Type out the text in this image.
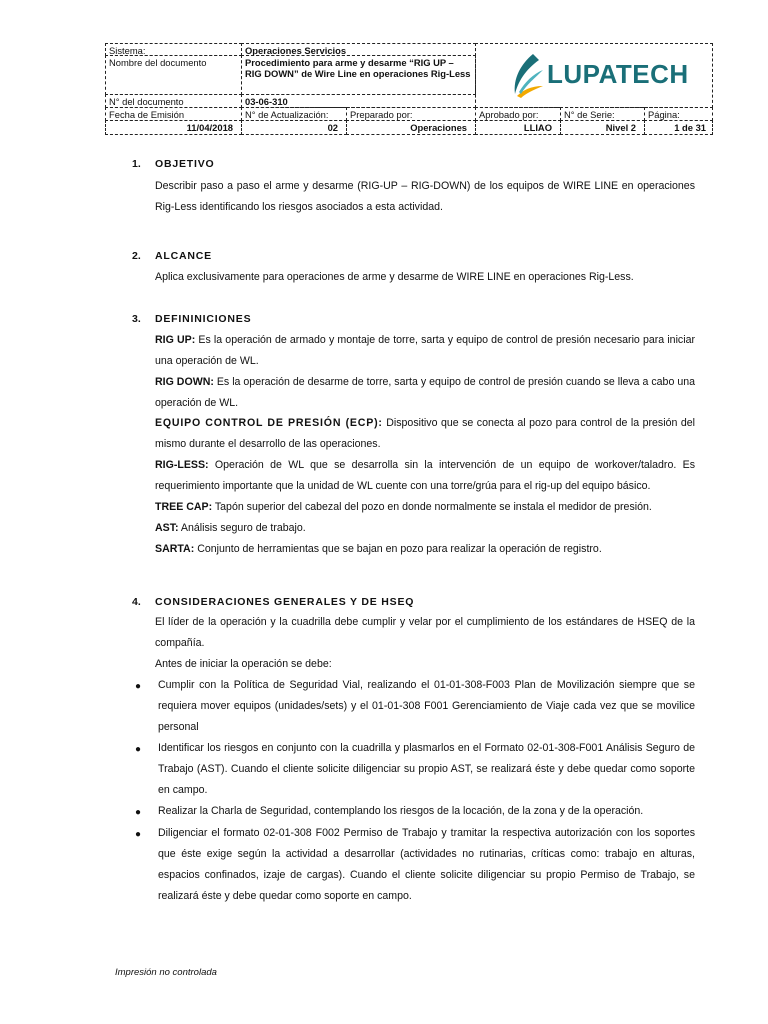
Sistema:	Operaciones Servicios
Nombre del documento	Procedimiento para arme y desarme “RIG UP – RIG DOWN” de Wire Line en operaciones Rig-Less
N° del documento	03-06-310
LUPATECH
Fecha de Emisión	N° de Actualización:	Preparado por:	Aprobado por:	N° de Serie:	Página:
11/04/2018	02	Operaciones	LLIAO	Nivel 2	1 de 31
1. OBJETIVO
Describir paso a paso el arme y desarme (RIG-UP – RIG-DOWN) de los equipos de WIRE LINE en operaciones Rig-Less identificando los riesgos asociados a esta actividad.
2. ALCANCE
Aplica exclusivamente para operaciones de arme y desarme de WIRE LINE en operaciones Rig-Less.
3. DEFININICIONES
RIG UP: Es la operación de armado y montaje de torre, sarta y equipo de control de presión necesario para iniciar una operación de WL.
RIG DOWN: Es la operación de desarme de torre, sarta y equipo de control de presión cuando se lleva a cabo una operación de WL.
EQUIPO CONTROL DE PRESIÓN (ECP): Dispositivo que se conecta al pozo para control de la presión del mismo durante el desarrollo de las operaciones.
RIG-LESS: Operación de WL que se desarrolla sin la intervención de un equipo de workover/taladro. Es requerimiento importante que la unidad de WL cuente con una torre/grúa para el rig-up del equipo básico.
TREE CAP: Tapón superior del cabezal del pozo en donde normalmente se instala el medidor de presión.
AST: Análisis seguro de trabajo.
SARTA: Conjunto de herramientas que se bajan en pozo para realizar la operación de registro.
4. CONSIDERACIONES GENERALES Y DE HSEQ
El líder de la operación y la cuadrilla debe cumplir y velar por el cumplimiento de los estándares de HSEQ de la compañía.
Antes de iniciar la operación se debe:
● Cumplir con la Política de Seguridad Vial, realizando el 01-01-308-F003 Plan de Movilización siempre que se requiera mover equipos (unidades/sets) y el 01-01-308 F001 Gerenciamiento de Viaje cada vez que se movilice personal
● Identificar los riesgos en conjunto con la cuadrilla y plasmarlos en el Formato 02-01-308-F001 Análisis Seguro de Trabajo (AST). Cuando el cliente solicite diligenciar su propio AST, se realizará éste y debe quedar como soporte en campo.
● Realizar la Charla de Seguridad, contemplando los riesgos de la locación, de la zona y de la operación.
● Diligenciar el formato 02-01-308 F002 Permiso de Trabajo y tramitar la respectiva autorización con los soportes que éste exige según la actividad a desarrollar (actividades no rutinarias, críticas como: trabajo en alturas, espacios confinados, izaje de cargas). Cuando el cliente solicite diligenciar su propio Permiso de Trabajo, se realizará éste y debe quedar como soporte en campo.
Impresión no controlada
